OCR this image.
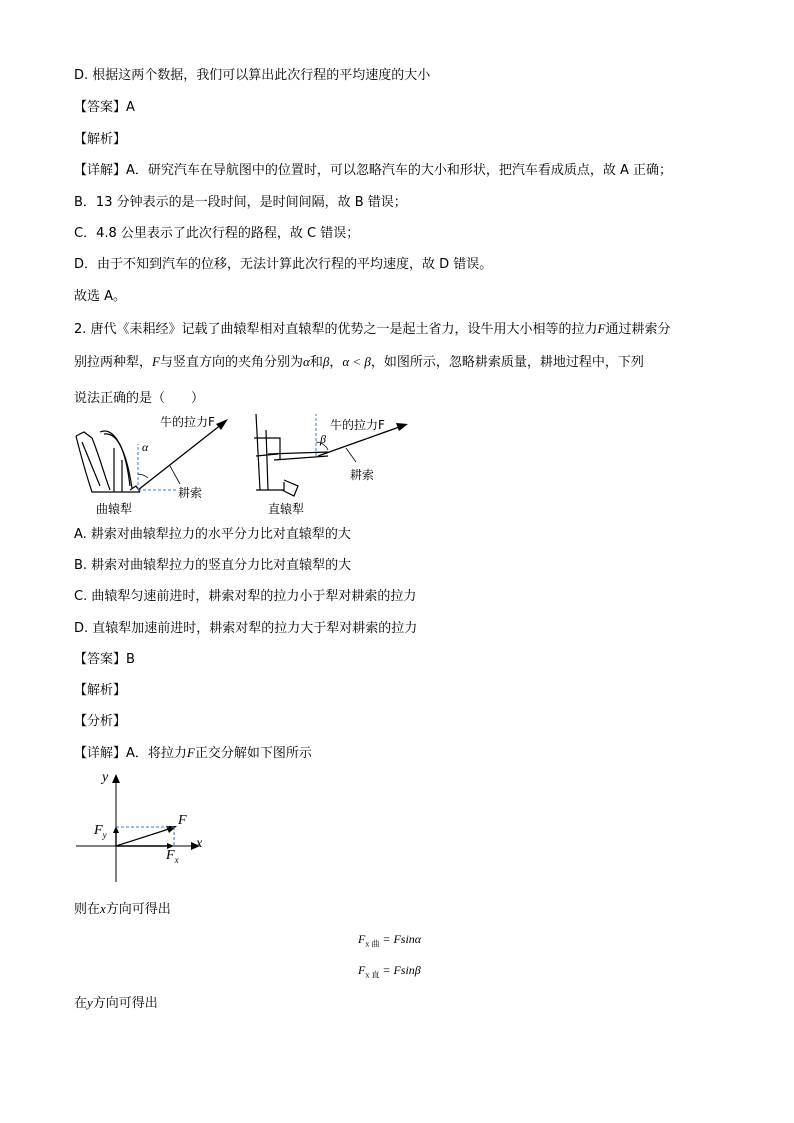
D. 根据这两个数据，我们可以算出此次行程的平均速度的大小
【答案】A
【解析】
【详解】A．研究汽车在导航图中的位置时，可以忽略汽车的大小和形状，把汽车看成质点，故 A 正确；
B．13 分钟表示的是一段时间，是时间间隔，故 B 错误；
C．4.8 公里表示了此次行程的路程，故 C 错误；
D．由于不知到汽车的位移，无法计算此次行程的平均速度，故 D 错误。
故选 A。
2. 唐代《耒耜经》记载了曲辕犁相对直辕犁的优势之一是起土省力，设牛用大小相等的拉力F通过耕索分
别拉两种犁，F与竖直方向的夹角分别为α和β，α < β，如图所示，忽略耕索质量，耕地过程中，下列
说法正确的是（　　）
牛的拉力F
α
耕索
曲辕犁
牛的拉力F
β
耕索
直辕犁
A. 耕索对曲辕犁拉力的水平分力比对直辕犁的大
B. 耕索对曲辕犁拉力的竖直分力比对直辕犁的大
C. 曲辕犁匀速前进时，耕索对犁的拉力小于犁对耕索的拉力
D. 直辕犁加速前进时，耕索对犁的拉力大于犁对耕索的拉力
【答案】B
【解析】
【分析】
【详解】A．将拉力F正交分解如下图所示
y
x
F
$F_y$
$F_x$
则在x方向可得出
$F_{x 曲} = Fsin\alpha$
$F_{x 直} = Fsin\beta$
在y方向可得出
